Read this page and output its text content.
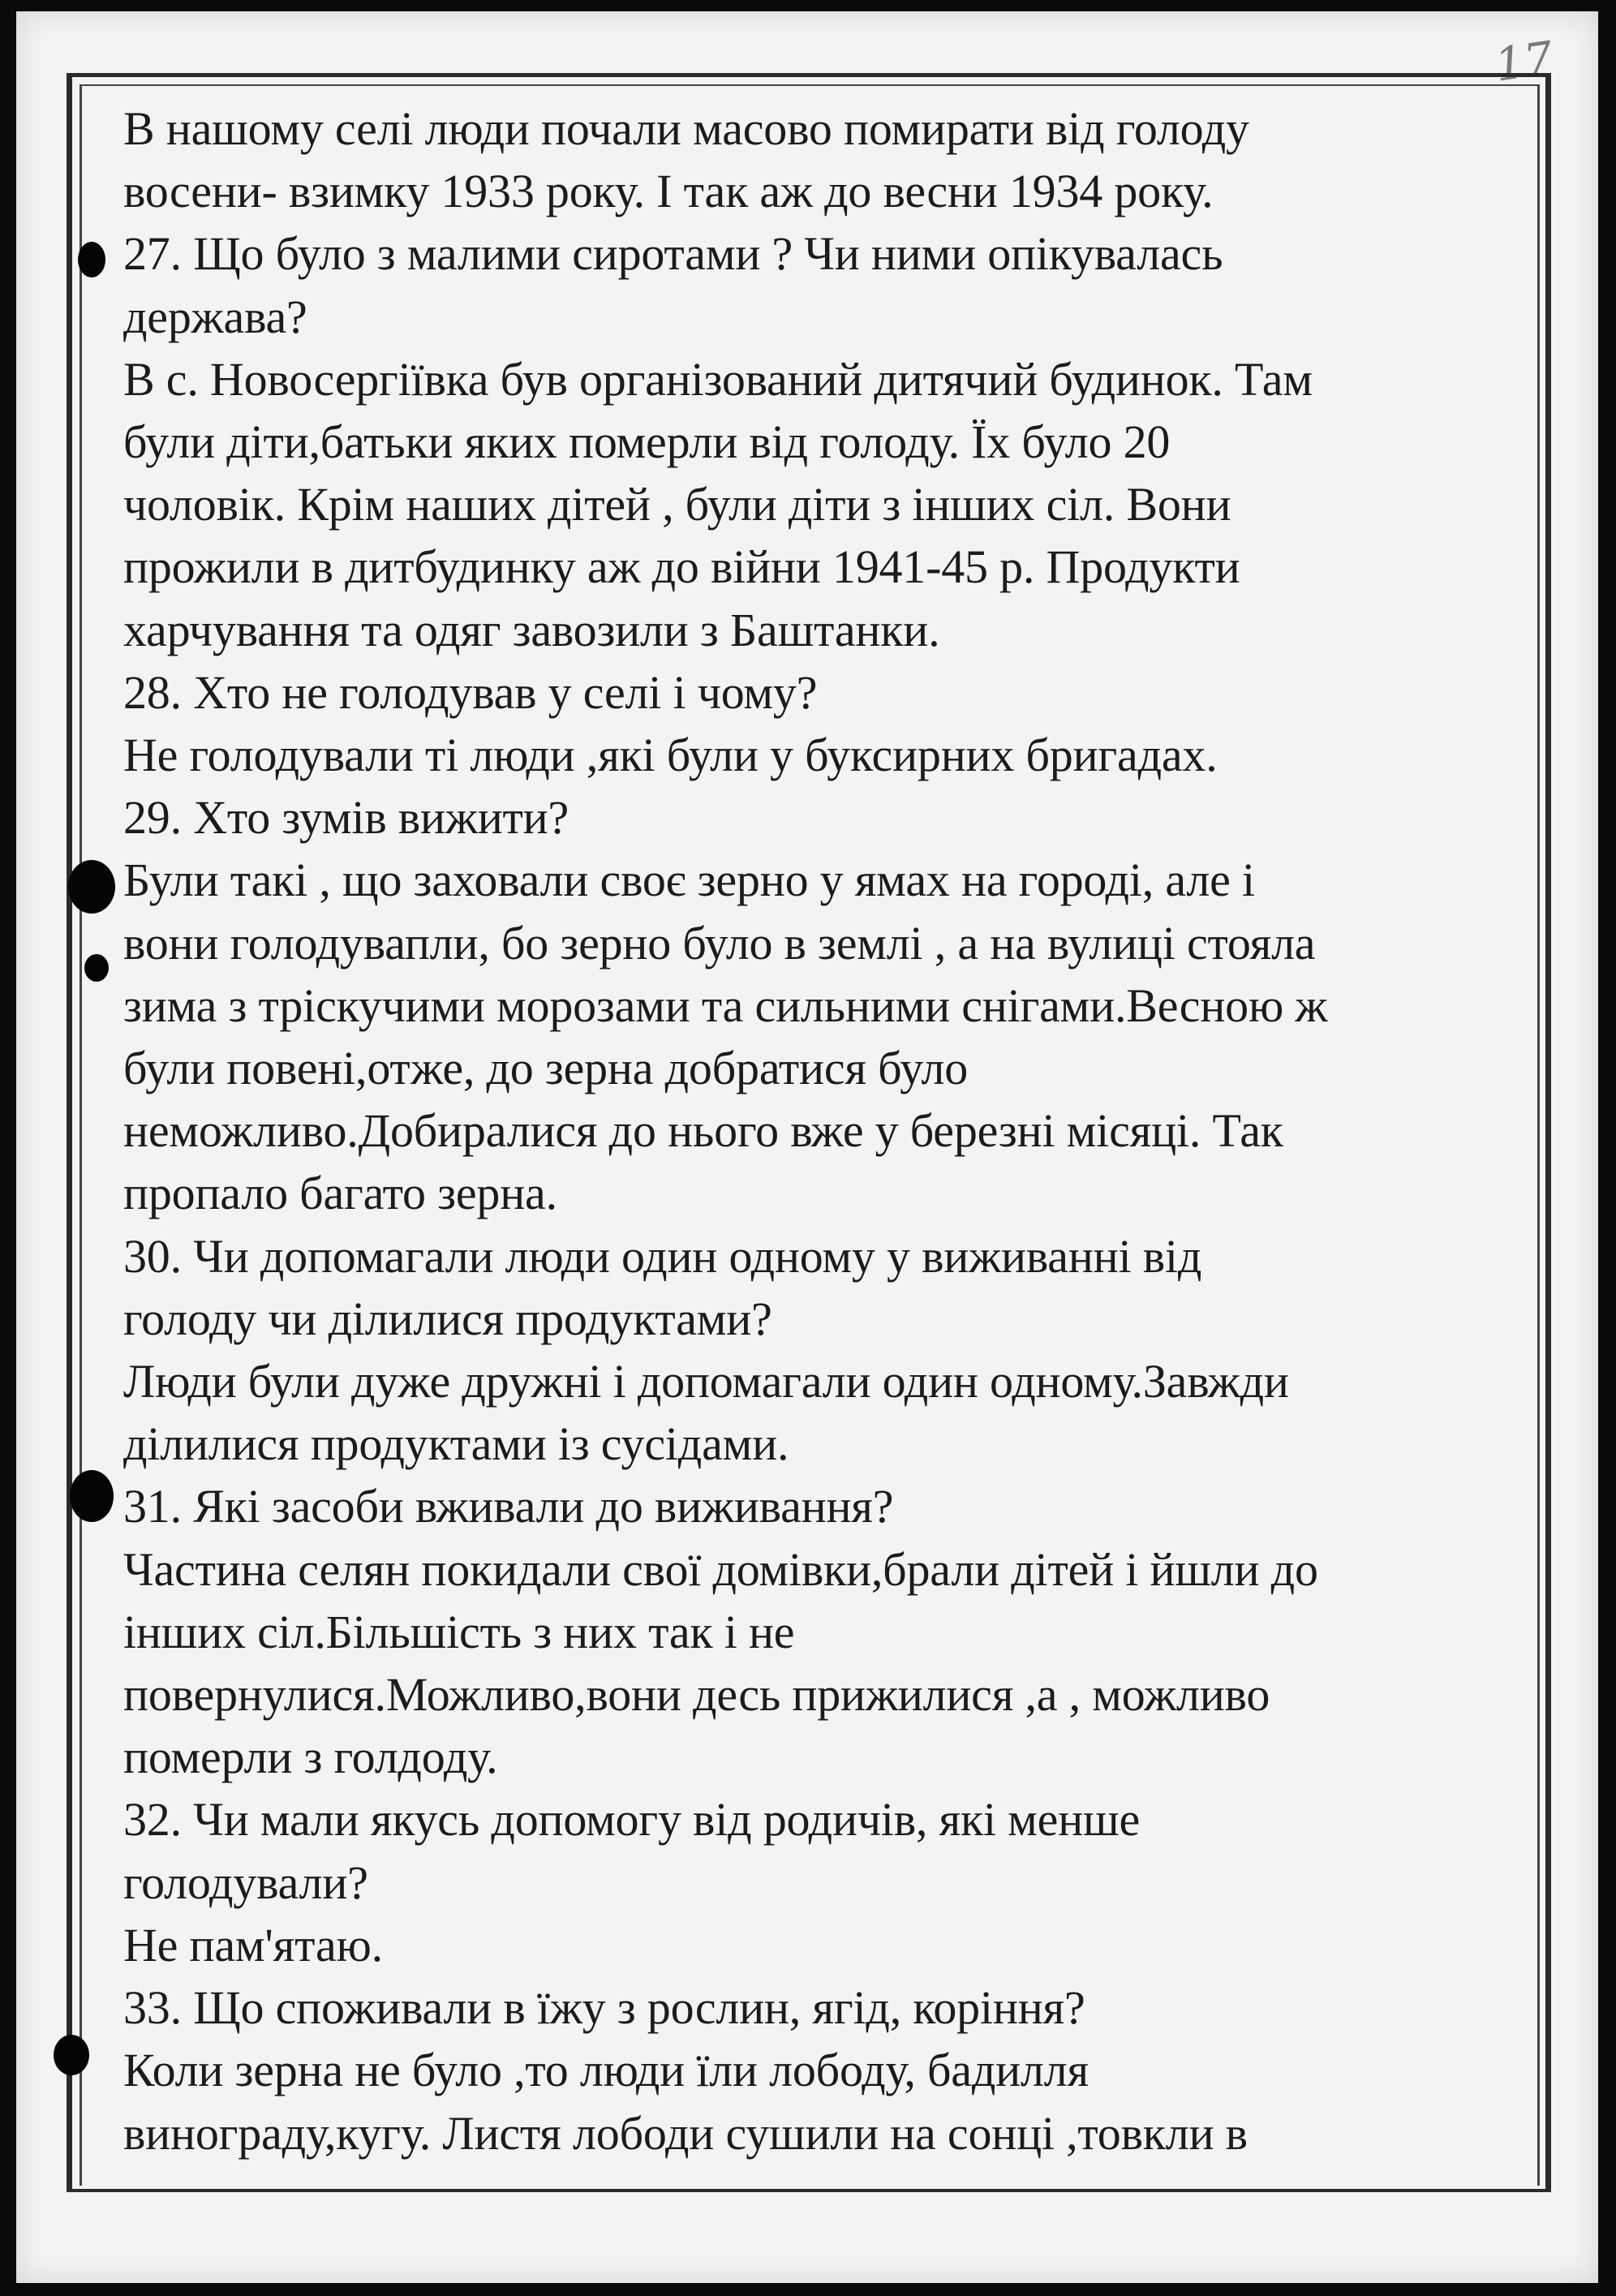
17
В нашому селі люди почали масово помирати від голоду
восени- взимку 1933 року. І так аж до весни 1934 року.
27. Що було з малими сиротами ? Чи ними опікувалась
держава?
В с. Новосергіївка був організований дитячий будинок. Там
були діти,батьки яких померли від голоду. Їх було 20
чоловік. Крім наших дітей , були діти з інших сіл. Вони
прожили в дитбудинку аж до війни 1941-45 р. Продукти
харчування та одяг завозили з Баштанки.
28. Хто не голодував у селі і чому?
Не голодували ті люди ,які були у буксирних бригадах.
29. Хто зумів вижити?
Були такі , що заховали своє зерно у ямах на городі, але і
вони голодувапли, бо зерно було в землі , а на вулиці стояла
зима з тріскучими морозами та сильними снігами.Весною ж
були повені,отже, до зерна добратися було
неможливо.Добиралися до нього вже у березні місяці. Так
пропало багато зерна.
30. Чи допомагали люди один одному у виживанні від
голоду чи ділилися продуктами?
Люди були дуже дружні і допомагали один одному.Завжди
ділилися продуктами із сусідами.
31. Які засоби вживали до виживання?
Частина селян покидали свої домівки,брали дітей і йшли до
інших сіл.Більшість з них так і не
повернулися.Можливо,вони десь прижилися ,а , можливо
померли з голдоду.
32. Чи мали якусь допомогу від родичів, які менше
голодували?
Не пам'ятаю.
33. Що споживали в їжу з рослин, ягід, коріння?
Коли зерна не було ,то люди їли лободу, бадилля
винограду,кугу. Листя лободи сушили на сонці ,товкли в
